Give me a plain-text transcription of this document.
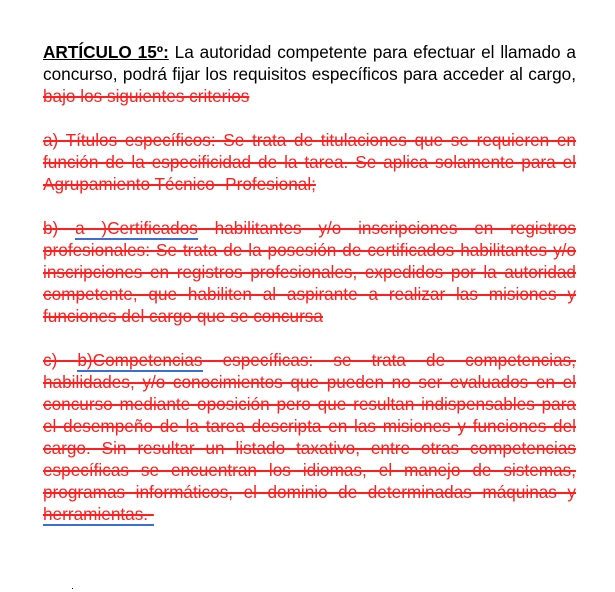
ARTÍCULO 15º: La autoridad competente para efectuar el llamado a concurso, podrá fijar los requisitos específicos para acceder al cargo, bajo los siguientes criterios

a) Títulos específicos: Se trata de titulaciones que se requieren en función de la especificidad de la tarea. Se aplica solamente para el Agrupamiento Técnico- Profesional;

b) a )Certificados habilitantes y/o inscripciones en registros profesionales: Se trata de la posesión de certificados habilitantes y/o inscripciones en registros profesionales, expedidos por la autoridad competente, que habiliten al aspirante a realizar las misiones y funciones del cargo que se concursa

c) b)Competencias específicas: se trata de competencias, habilidades, y/o conocimientos que pueden no ser evaluados en el concurso mediante oposición pero que resultan indispensables para el desempeño de la tarea descripta en las misiones y funciones del cargo. Sin resultar un listado taxativo, entre otras competencias específicas se encuentran los idiomas, el manejo de sistemas, programas informáticos, el dominio de determinadas máquinas y herramientas.-
